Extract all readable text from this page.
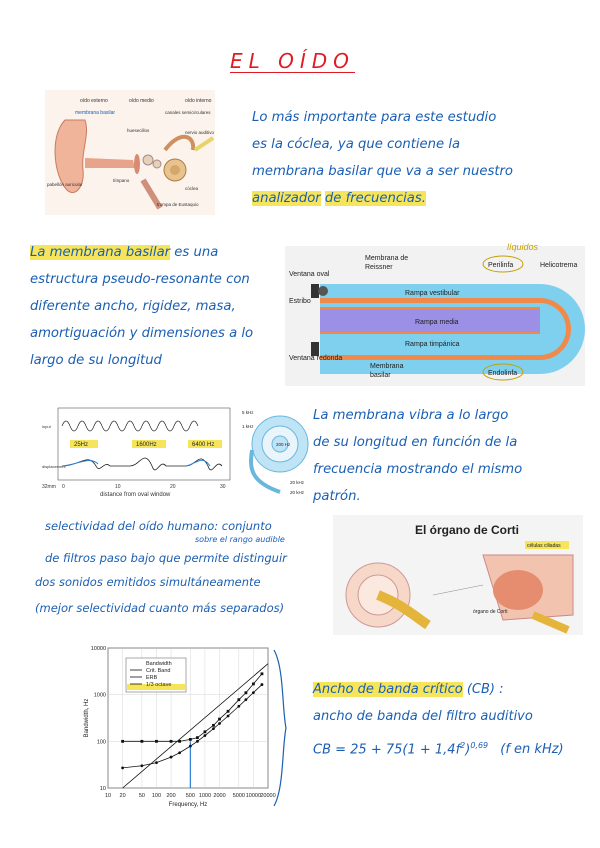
EL OÍDO
oído externo	oído medio	oído interno
membrana basilar	canales semicirculares
nervio auditivo
huesecillos
tímpano
cóclea
pabellón auricular
trompa de Eustaquio
Lo más importante para este estudio
es la cóclea, ya que contiene la
membrana basilar que va a ser nuestro
analizador de frecuencias.
La membrana basilar es una
estructura pseudo-resonante con
diferente ancho, rigidez, masa,
amortiguación y dimensiones a lo
largo de su longitud
líquidos
Ventana oval
Estribo
Membrana de
Reissner	Perilinfa	Helicotrema
Rampa vestibular
Rampa media
Rampa timpánica
Ventana redonda
Membrana
basilar	Endolinfa
25Hz	1600Hz	6400 Hz
input
displacement
0	10	20	30
32mm
distance from oval window
5 kHz
1 kHz
200 Hz
20 kHz
20 kHz
La membrana vibra a lo largo
de su longitud en función de la
frecuencia mostrando el mismo
patrón.
selectividad del oído humano: conjunto
sobre el rango audible
de filtros paso bajo que permite distinguir
dos sonidos emitidos simultáneamente
(mejor selectividad cuanto más separados)
El órgano de Corti
células ciliadas
órgano de Corti
10 20 50 100 200 500 1000 2000 5000 10000 20000
10
100
1000
10000
Bandwidth
Crit. Band
ERB
1/3 octave
Frequency, Hz
Bandwidth, Hz
Ancho de banda crítico (CB) :
ancho de banda del filtro auditivo
CB = $25 + 75(1 + 1,4f^2)^{0,69}$ (f en kHz)
